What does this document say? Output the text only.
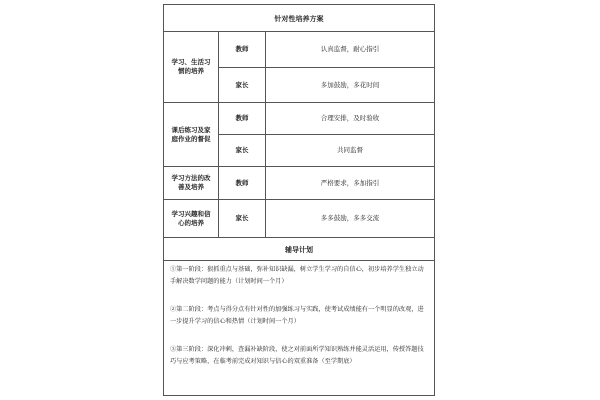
针对性培养方案
学习、生活习惯的培养
教师	认真监督，耐心指引
家长	多加鼓励，多花时间
课后练习及家庭作业的督促
教师	合理安排，及时验收
家长	共同监督
学习方法的改善及培养
教师	严格要求，多加指引
学习兴趣和信心的培养
家长	多多鼓励，多多交流
辅导计划
①第一阶段：狠抓重点与基础，弥补知识缺漏，树立学生学习的自信心，初步培养学生独立动手解决数学问题的能力（计划时间一个月）
②第二阶段：考点与得分点有针对性的加强练习与实践，使考试成绩能有一个明显的改观，进一步提升学习的信心和热情（计划时间一个月）
③第三阶段：深化冲刺，查漏补缺阶段，使之对前面所学知识熟练并能灵活运用，传授答题技巧与应考策略，在临考前完成对知识与信心的双重准备（至学期底）
